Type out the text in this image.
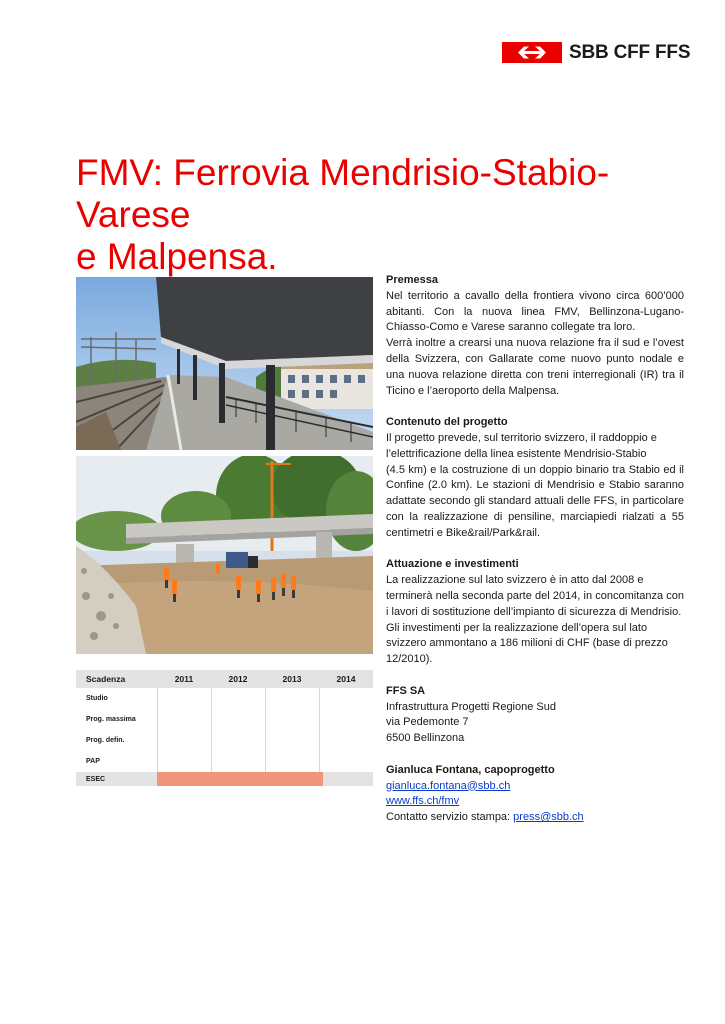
SBB CFF FFS
FMV: Ferrovia Mendrisio-Stabio-Varese
e Malpensa.
Scadenza	2011	2012	2013	2014
Studio
Prog. massima
Prog. defin.
PAP
ESEC
Premessa

Nel territorio a cavallo della frontiera vivono circa 600’000 abitanti. Con la nuova linea FMV, Bellinzona-Lugano-Chiasso-Como e Varese saranno collegate tra loro.

Verrà inoltre a crearsi una nuova relazione fra il sud e l’ovest della Svizzera, con Gallarate come nuovo punto nodale e una nuova relazione diretta con treni interregionali (IR) tra il Ticino e l’aeroporto della Malpensa.

Contenuto del progetto

Il progetto prevede, sul territorio svizzero, il raddoppio e

l’elettrificazione della linea esistente Mendrisio-Stabio

(4.5 km) e la costruzione di un doppio binario tra Stabio ed il Confine (2.0 km). Le stazioni di Mendrisio e Stabio saranno adattate secondo gli standard attuali delle FFS, in particolare con la realizzazione di pensiline, marciapiedi rialzati a 55 centimetri e Bike&rail/Park&rail.

Attuazione e investimenti

La realizzazione sul lato svizzero è in atto dal 2008 e

terminerà nella seconda parte del 2014, in concomitanza con i lavori di sostituzione dell’impianto di sicurezza di Mendrisio.

Gli investimenti per la realizzazione dell’opera sul lato

svizzero ammontano a 186 milioni di CHF (base di prezzo

12/2010).

FFS SA

Infrastruttura Progetti Regione Sud

via Pedemonte 7

6500 Bellinzona

Gianluca Fontana, capoprogetto

gianluca.fontana@sbb.ch

www.ffs.ch/fmv

Contatto servizio stampa: press@sbb.ch
